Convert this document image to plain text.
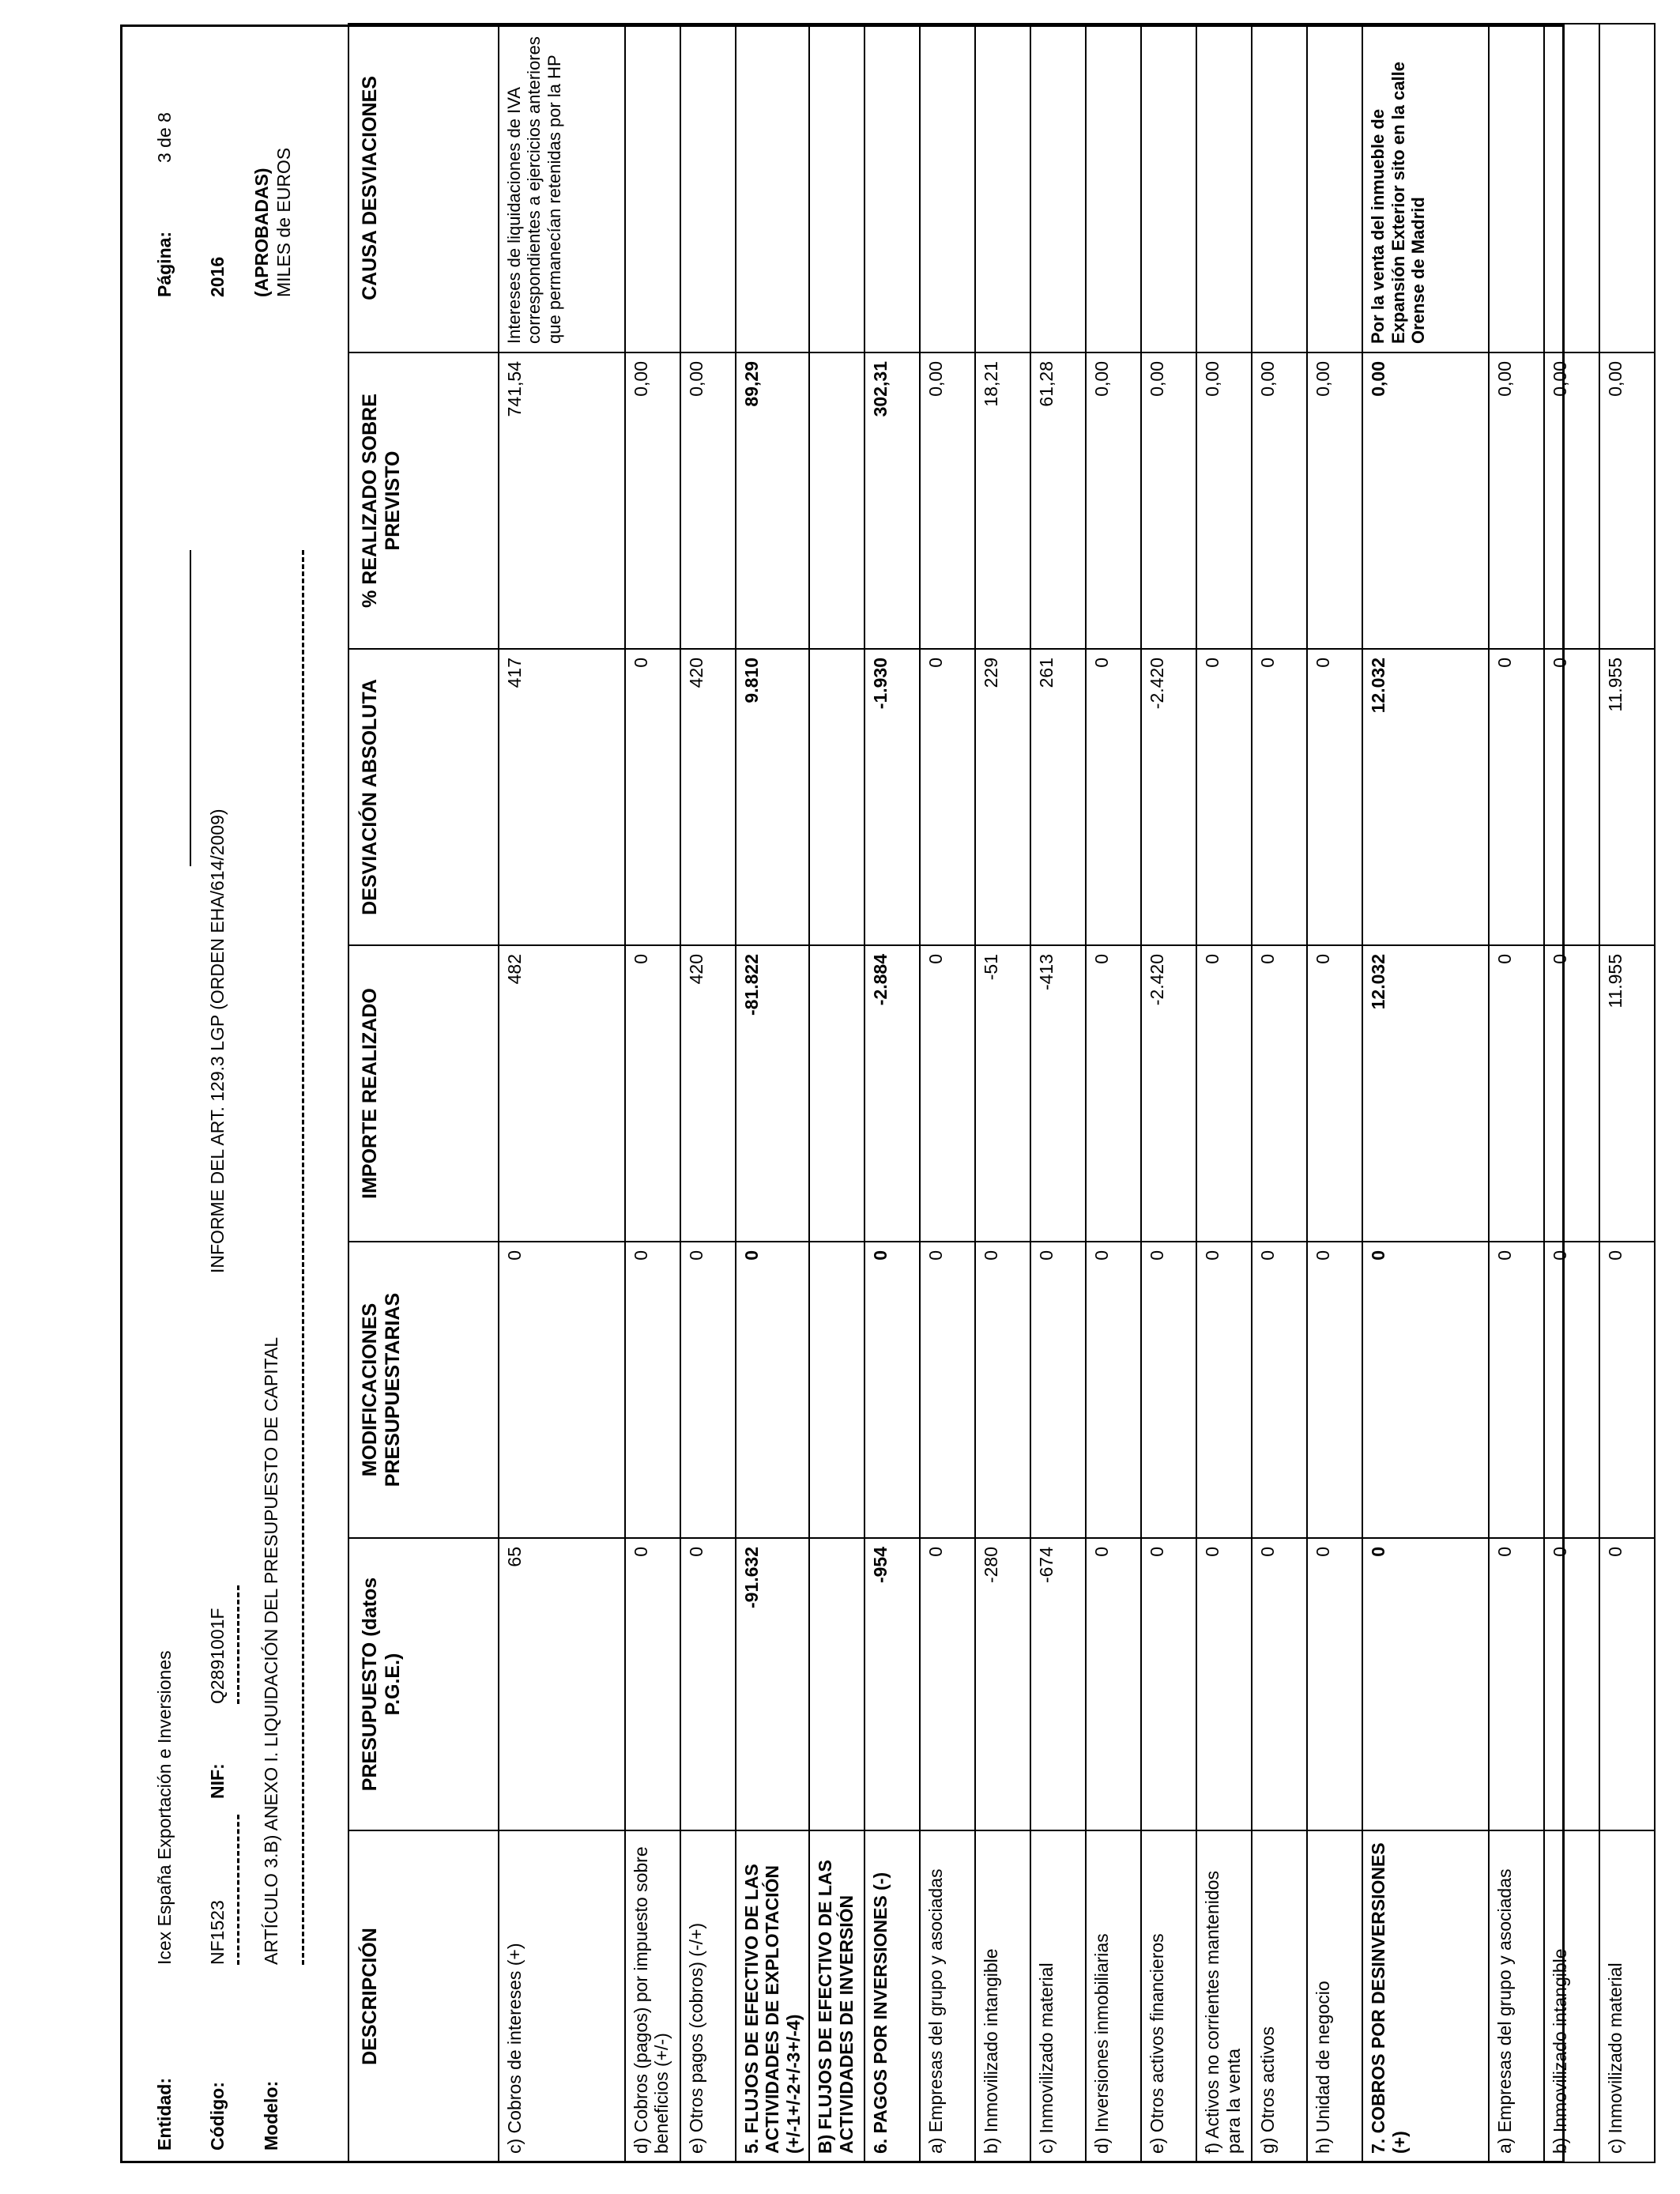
Entidad:
Icex España Exportación e Inversiones
Página:
3 de 8
Código:
NF1523
NIF:
Q2891001F
INFORME DEL ART. 129.3 LGP (ORDEN EHA/614/2009)
2016
Modelo:
ARTÍCULO 3.B) ANEXO I. LIQUIDACIÓN DEL PRESUPUESTO DE CAPITAL
(APROBADAS) MILES de EUROS
DESCRIPCIÓN	PRESUPUESTO (datos P.G.E.)	MODIFICACIONES PRESUPUESTARIAS	IMPORTE REALIZADO	DESVIACIÓN ABSOLUTA	% REALIZADO SOBRE PREVISTO	CAUSA DESVIACIONES
c) Cobros de intereses (+)	65	0	482	417	741,54	Intereses de liquidaciones de IVA correspondientes a ejercicios anteriores que permanecían retenidas por la HP
d) Cobros (pagos) por impuesto sobre beneficios (+/-)	0	0	0	0	0,00	
e) Otros pagos (cobros) (-/+)	0	0	420	420	0,00	
5. FLUJOS DE EFECTIVO DE LAS ACTIVIDADES DE EXPLOTACIÓN (+/-1+/-2+/-3+/-4)	-91.632	0	-81.822	9.810	89,29	
B) FLUJOS DE EFECTIVO DE LAS ACTIVIDADES DE INVERSIÓN						
6. PAGOS POR INVERSIONES (-)	-954	0	-2.884	-1.930	302,31	
a) Empresas del grupo y asociadas	0	0	0	0	0,00	
b) Inmovilizado intangible	-280	0	-51	229	18,21	
c) Inmovilizado material	-674	0	-413	261	61,28	
d) Inversiones inmobiliarias	0	0	0	0	0,00	
e) Otros activos financieros	0	0	-2.420	-2.420	0,00	
f) Activos no corrientes mantenidos para la venta	0	0	0	0	0,00	
g) Otros activos	0	0	0	0	0,00	
h) Unidad de negocio	0	0	0	0	0,00	
7. COBROS POR DESINVERSIONES (+)	0	0	12.032	12.032	0,00	Por la venta del inmueble de Expansión Exterior sito en la calle Orense de Madrid
a) Empresas del grupo y asociadas	0	0	0	0	0,00	
b) Inmovilizado intangible	0	0	0	0	0,00	
c) Inmovilizado material	0	0	11.955	11.955	0,00	
